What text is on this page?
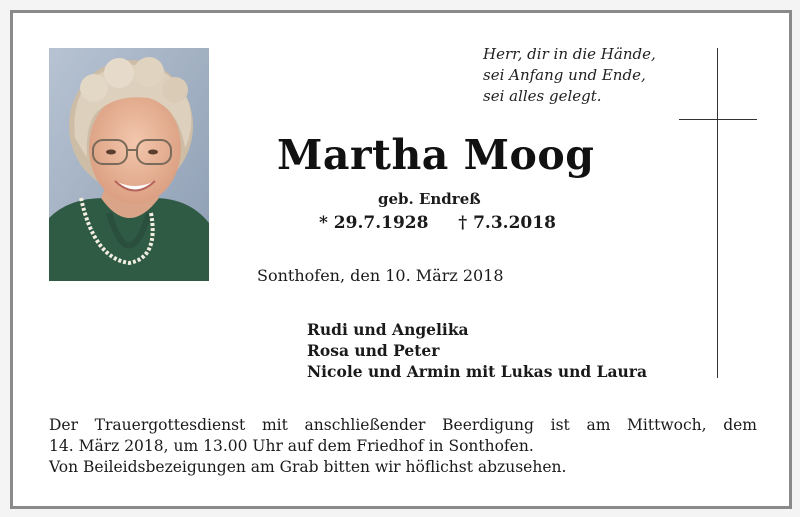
Herr, dir in die Hände,
sei Anfang und Ende,
sei alles gelegt.
Martha Moog
geb. Endreß
* 29.7.1928 † 7.3.2018
Sonthofen, den 10. März 2018
Rudi und Angelika
Rosa und Peter
Nicole und Armin mit Lukas und Laura
Der Trauergottesdienst mit anschließender Beerdigung ist am Mittwoch, dem
14. März 2018, um 13.00 Uhr auf dem Friedhof in Sonthofen.
Von Beileidsbezeigungen am Grab bitten wir höflichst abzusehen.
